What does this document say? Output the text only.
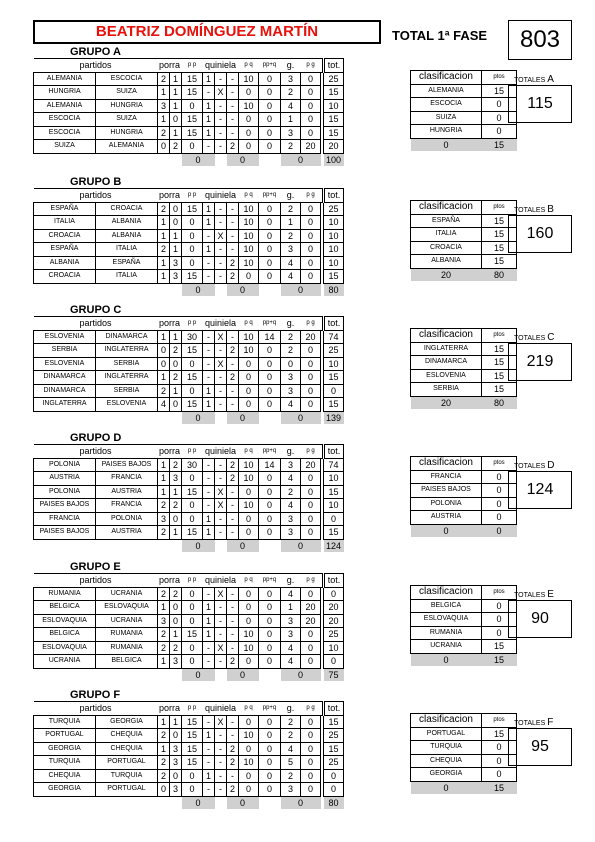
BEATRIZ DOMÍNGUEZ MARTÍN	TOTAL 1ª FASE	803
GRUPO A
partidos		porra		p p	quiniela			p q	pp+q	g.	p g		tot.
ALEMANIA	ESCOCIA	2	1	15	1	-	-	10	0	3	0		25
HUNGRIA	SUIZA	1	1	15	-	X	-	0	0	2	0		15
ALEMANIA	HUNGRIA	3	1	0	1	-	-	10	0	4	0		10
ESCOCIA	SUIZA	1	0	15	1	-	-	0	0	1	0		15
ESCOCIA	HUNGRIA	2	1	15	1	-	-	0	0	3	0		15
SUIZA	ALEMANIA	0	2	0	-	-	2	0	0	2	20		20
				0			0			0			100
clasificacion	ptos
ALEMANIA	15
ESCOCIA	0
SUIZA	0
HUNGRIA	0
0	15
TOTALES A
115
GRUPO B
partidos		porra		p p	quiniela			p q	pp+q	g.	p g		tot.
ESPAÑA	CROACIA	2	0	15	1	-	-	10	0	2	0		25
ITALIA	ALBANIA	1	0	0	1	-	-	10	0	1	0		10
CROACIA	ALBANIA	1	1	0	-	X	-	10	0	2	0		10
ESPAÑA	ITALIA	2	1	0	1	-	-	10	0	3	0		10
ALBANIA	ESPAÑA	1	3	0	-	-	2	10	0	4	0		10
CROACIA	ITALIA	1	3	15	-	-	2	0	0	4	0		15
				0			0			0			80
clasificacion	ptos
ESPAÑA	15
ITALIA	15
CROACIA	15
ALBANIA	15
20	80
TOTALES B
160
GRUPO C
partidos		porra		p p	quiniela			p q	pp+q	g.	p g		tot.
ESLOVENIA	DINAMARCA	1	1	30	-	X	-	10	14	2	20		74
SERBIA	INGLATERRA	0	2	15	-	-	2	10	0	2	0		25
ESLOVENIA	SERBIA	0	0	0	-	X	-	0	0	0	0		10
DINAMARCA	INGLATERRA	1	2	15	-	-	2	0	0	3	0		15
DINAMARCA	SERBIA	2	1	0	1	-	-	0	0	3	0		0
INGLATERRA	ESLOVENIA	4	0	15	1	-	-	0	0	4	0		15
				0			0			0			139
clasificacion	ptos
INGLATERRA	15
DINAMARCA	15
ESLOVENIA	15
SERBIA	15
20	80
TOTALES C
219
GRUPO D
partidos		porra		p p	quiniela			p q	pp+q	g.	p g		tot.
POLONIA	PAISES BAJOS	1	2	30	-	-	2	10	14	3	20		74
AUSTRIA	FRANCIA	1	3	0	-	-	2	10	0	4	0		10
POLONIA	AUSTRIA	1	1	15	-	X	-	0	0	2	0		15
PAISES BAJOS	FRANCIA	2	2	0	-	X	-	10	0	4	0		10
FRANCIA	POLONIA	3	0	0	1	-	-	0	0	3	0		0
PAISES BAJOS	AUSTRIA	2	1	15	1	-	-	0	0	3	0		15
				0			0			0			124
clasificacion	ptos
FRANCIA	0
PAISES BAJOS	0
POLONIA	0
AUSTRIA	0
0	0
TOTALES D
124
GRUPO E
partidos		porra		p p	quiniela			p q	pp+q	g.	p g		tot.
RUMANIA	UCRANIA	2	2	0	-	X	-	0	0	4	0		0
BELGICA	ESLOVAQUIA	1	0	0	1	-	-	0	0	1	20		20
ESLOVAQUIA	UCRANIA	3	0	0	1	-	-	0	0	3	20		20
BELGICA	RUMANIA	2	1	15	1	-	-	10	0	3	0		25
ESLOVAQUIA	RUMANIA	2	2	0	-	X	-	10	0	4	0		10
UCRANIA	BELGICA	1	3	0	-	-	2	0	0	4	0		0
				0			0			0			75
clasificacion	ptos
BELGICA	0
ESLOVAQUIA	0
RUMANIA	0
UCRANIA	15
0	15
TOTALES E
90
GRUPO F
partidos		porra		p p	quiniela			p q	pp+q	g.	p g		tot.
TURQUIA	GEORGIA	1	1	15	-	X	-	0	0	2	0		15
PORTUGAL	CHEQUIA	2	0	15	1	-	-	10	0	2	0		25
GEORGIA	CHEQUIA	1	3	15	-	-	2	0	0	4	0		15
TURQUIA	PORTUGAL	2	3	15	-	-	2	10	0	5	0		25
CHEQUIA	TURQUIA	2	0	0	1	-	-	0	0	2	0		0
GEORGIA	PORTUGAL	0	3	0	-	-	2	0	0	3	0		0
				0			0			0			80
clasificacion	ptos
PORTUGAL	15
TURQUIA	0
CHEQUIA	0
GEORGIA	0
0	15
TOTALES F
95
